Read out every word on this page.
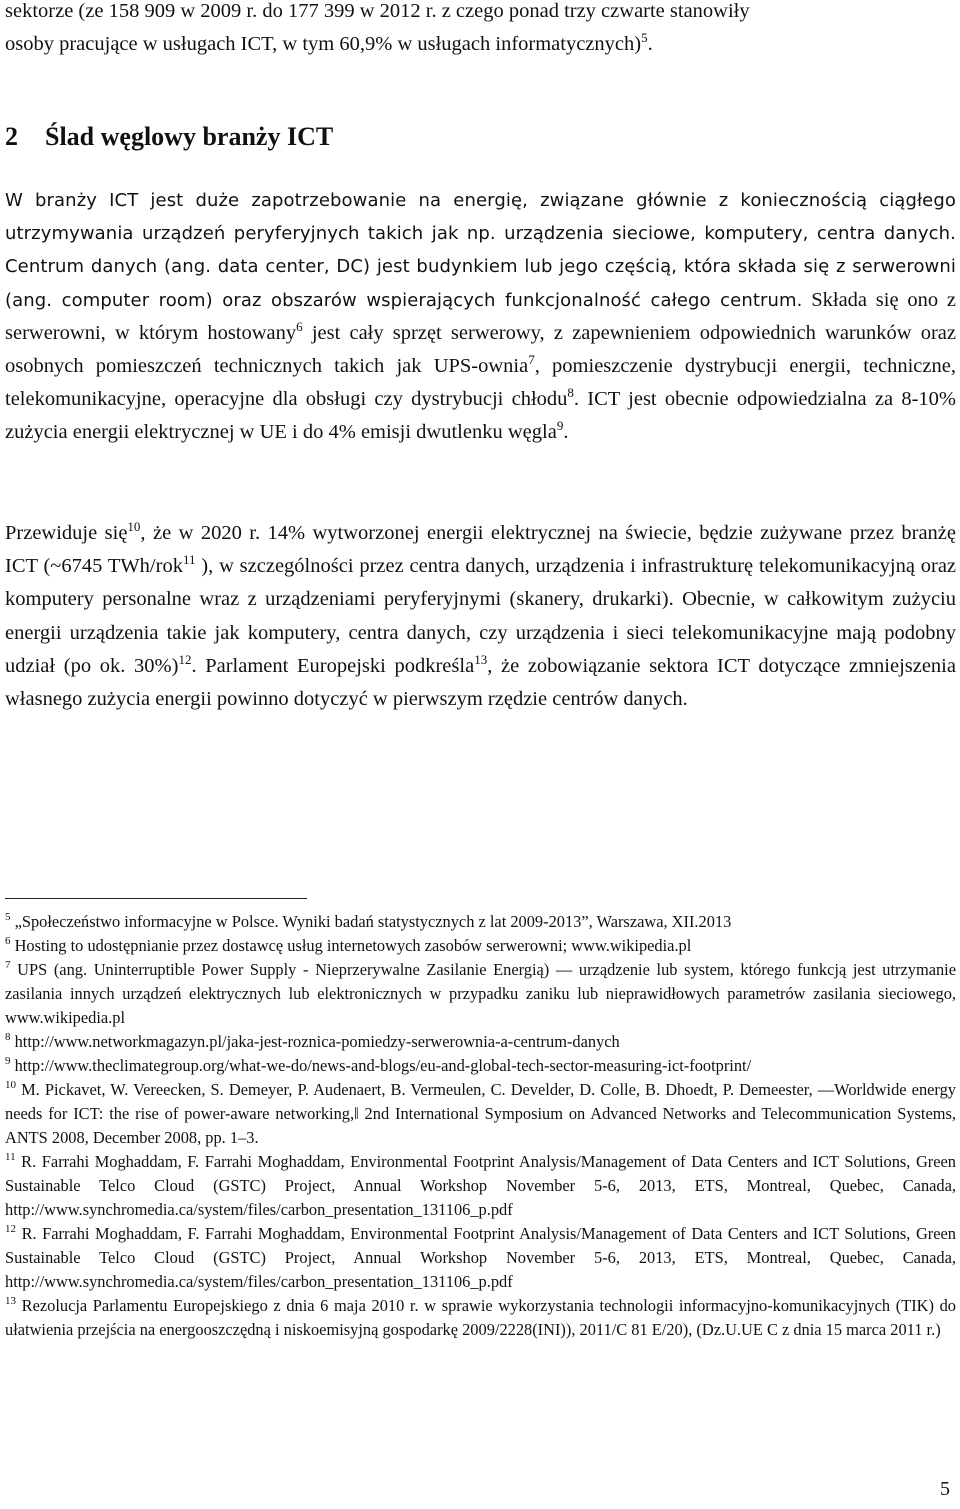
sektorze (ze 158 909 w 2009 r. do 177 399 w 2012 r. z czego ponad trzy czwarte stanowiły

osoby pracujące w usługach ICT, w tym 60,9% w usługach informatycznych)$^5$.

2 Ślad węglowy branży ICT

W branży ICT jest duże zapotrzebowanie na energię, związane głównie z koniecznością ciągłego utrzymywania urządzeń peryferyjnych takich jak np. urządzenia sieciowe, komputery, centra danych. Centrum danych (ang. data center, DC) jest budynkiem lub jego częścią, która składa się z serwerowni (ang. computer room) oraz obszarów wspierających funkcjonalność całego centrum. Składa się ono z serwerowni, w którym hostowany$^6$ jest cały sprzęt serwerowy, z zapewnieniem odpowiednich warunków oraz osobnych pomieszczeń technicznych takich jak UPS-ownia$^7$, pomieszczenie dystrybucji energii, techniczne, telekomunikacyjne, operacyjne dla obsługi czy dystrybucji chłodu$^8$. ICT jest obecnie odpowiedzialna za 8-10% zużycia energii elektrycznej w UE i do 4% emisji dwutlenku węgla$^9$.

Przewiduje się$^{10}$, że w 2020 r. 14% wytworzonej energii elektrycznej na świecie, będzie zużywane przez branżę ICT (~6745 TWh/rok$^{11}$ ), w szczególności przez centra danych, urządzenia i infrastrukturę telekomunikacyjną oraz komputery personalne wraz z urządzeniami peryferyjnymi (skanery, drukarki). Obecnie, w całkowitym zużyciu energii urządzenia takie jak komputery, centra danych, czy urządzenia i sieci telekomunikacyjne mają podobny udział (po ok. 30%)$^{12}$. Parlament Europejski podkreśla$^{13}$, że zobowiązanie sektora ICT dotyczące zmniejszenia własnego zużycia energii powinno dotyczyć w pierwszym rzędzie centrów danych.

$^5$ „Społeczeństwo informacyjne w Polsce. Wyniki badań statystycznych z lat 2009-2013”, Warszawa, XII.2013

$^6$ Hosting to udostępnianie przez dostawcę usług internetowych zasobów serwerowni; www.wikipedia.pl

$^7$ UPS (ang. Uninterruptible Power Supply - Nieprzerywalne Zasilanie Energią) ― urządzenie lub system, którego funkcją jest utrzymanie zasilania innych urządzeń elektrycznych lub elektronicznych w przypadku zaniku lub nieprawidłowych parametrów zasilania sieciowego, www.wikipedia.pl

$^8$ http://www.networkmagazyn.pl/jaka-jest-roznica-pomiedzy-serwerownia-a-centrum-danych

$^9$ http://www.theclimategroup.org/what-we-do/news-and-blogs/eu-and-global-tech-sector-measuring-ict-footprint/

$^{10}$ M. Pickavet, W. Vereecken, S. Demeyer, P. Audenaert, B. Vermeulen, C. Develder, D. Colle, B. Dhoedt, P. Demeester, ―Worldwide energy needs for ICT: the rise of power-aware networking,‖ 2nd International Symposium on Advanced Networks and Telecommunication Systems, ANTS 2008, December 2008, pp. 1–3.

$^{11}$ R. Farrahi Moghaddam, F. Farrahi Moghaddam, Environmental Footprint Analysis/Management of Data Centers and ICT Solutions, Green Sustainable Telco Cloud (GSTC) Project, Annual Workshop November 5-6, 2013, ETS, Montreal, Quebec, Canada, http://www.synchromedia.ca/system/files/carbon_presentation_131106_p.pdf

$^{12}$ R. Farrahi Moghaddam, F. Farrahi Moghaddam, Environmental Footprint Analysis/Management of Data Centers and ICT Solutions, Green Sustainable Telco Cloud (GSTC) Project, Annual Workshop November 5-6, 2013, ETS, Montreal, Quebec, Canada, http://www.synchromedia.ca/system/files/carbon_presentation_131106_p.pdf

$^{13}$ Rezolucja Parlamentu Europejskiego z dnia 6 maja 2010 r. w sprawie wykorzystania technologii informacyjno-komunikacyjnych (TIK) do ułatwienia przejścia na energooszczędną i niskoemisyjną gospodarkę 2009/2228(INI)), 2011/C 81 E/20), (Dz.U.UE C z dnia 15 marca 2011 r.)

5
